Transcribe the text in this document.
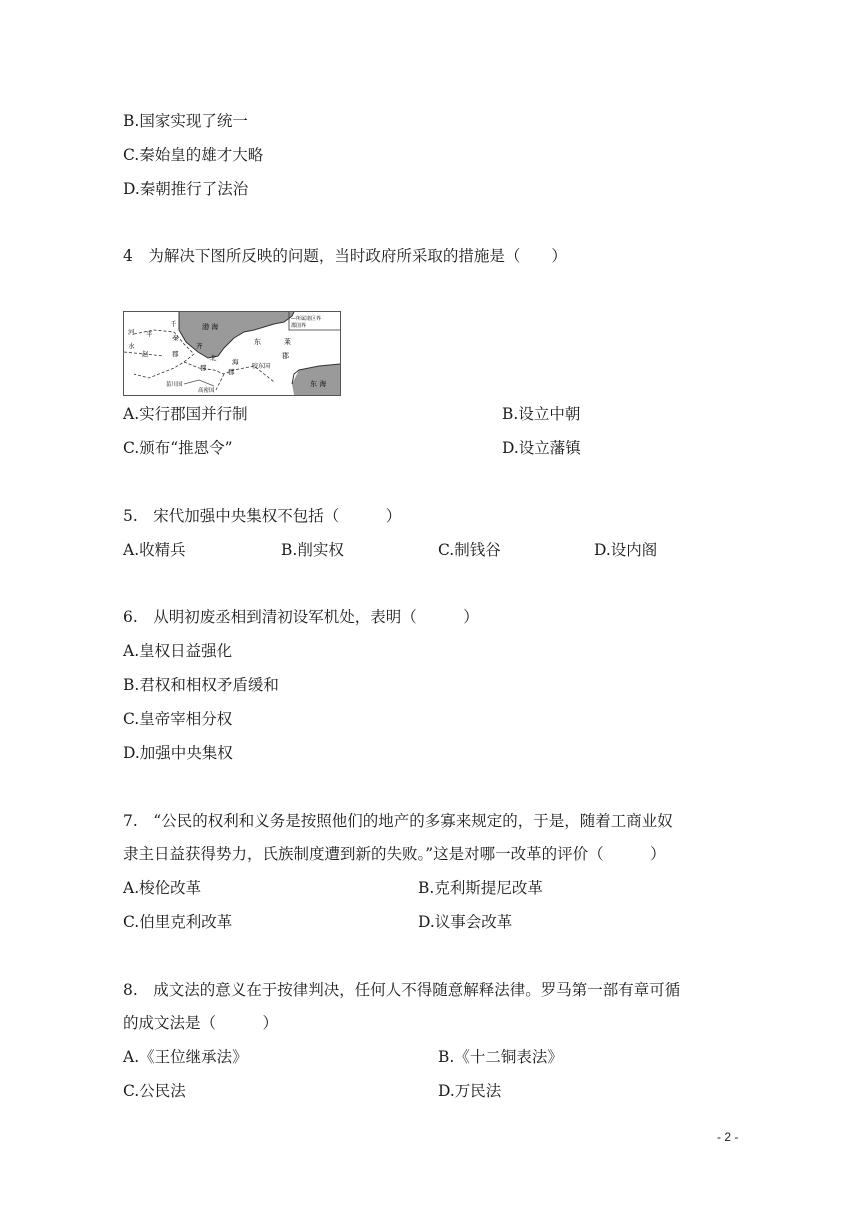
B.国家实现了统一
C.秦始皇的雄才大略
D.秦朝推行了法治
4　为解决下图所反映的问题，当时政府所采取的措施是（　　）
渤 海
东 海
—所属诸区界
郡国界
河 平
千
水
秦	东	莱
齐
赵	郡	北 海
郡
胶东国
郡
菑川国
高密国
郡
A.实行郡国并行制	B.设立中朝
C.颁布“推恩令”	D.设立藩镇
5.　宋代加强中央集权不包括（　　　）
A.收精兵	B.削实权	C.制钱谷	D.设内阁
6.　从明初废丞相到清初设军机处，表明（　　　）
A.皇权日益强化
B.君权和相权矛盾缓和
C.皇帝宰相分权
D.加强中央集权
7.　“公民的权利和义务是按照他们的地产的多寡来规定的，于是，随着工商业奴
隶主日益获得势力，氏族制度遭到新的失败。”这是对哪一改革的评价（　　　）
A.梭伦改革	B.克利斯提尼改革
C.伯里克利改革	D.议事会改革
8.　成文法的意义在于按律判决，任何人不得随意解释法律。罗马第一部有章可循
的成文法是（　　　）
A.《王位继承法》	B.《十二铜表法》
C.公民法	D.万民法
- 2 -
